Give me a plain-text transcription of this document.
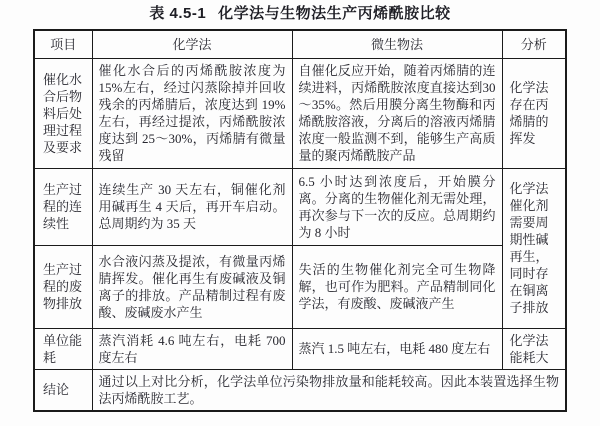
表 4.5-1 化学法与生物法生产丙烯酰胺比较
项目	化学法	微生物法	分析
催化水合后物料后处理过程及要求	催化水合后的丙烯酰胺浓度为15%左右，经过闪蒸除掉并回收残余的丙烯腈后，浓度达到 19%左右，再经过提浓，丙烯酰胺浓度达到 25～30%，丙烯腈有微量残留	自催化反应开始，随着丙烯腈的连续进料，丙烯酰胺浓度直接达到30～35%。然后用膜分离生物酶和丙烯酰胺溶液，分离后的溶液丙烯腈浓度一般监测不到，能够生产高质量的聚丙烯酰胺产品	化学法存在丙烯腈的挥发
生产过程的连续性	连续生产 30 天左右，铜催化剂用碱再生 4 天后，再开车启动。总周期约为 35 天	6.5 小时达到浓度后，开始膜分离。分离的生物催化剂无需处理，再次参与下一次的反应。总周期约为 8 小时	化学法催化剂需要周期性碱再生，同时存在铜离子排放
生产过程的废物排放	水合液闪蒸及提浓，有微量丙烯腈挥发。催化再生有废碱液及铜离子的排放。产品精制过程有废酸、废碱废水产生	失活的生物催化剂完全可生物降解，也可作为肥料。产品精制同化学法，有废酸、废碱液产生	
单位能耗	蒸汽消耗 4.6 吨左右，电耗 700 度左右	蒸汽 1.5 吨左右，电耗 480 度左右	化学法能耗大
结论	通过以上对比分析，化学法单位污染物排放量和能耗较高。因此本装置选择生物法丙烯酰胺工艺。		
